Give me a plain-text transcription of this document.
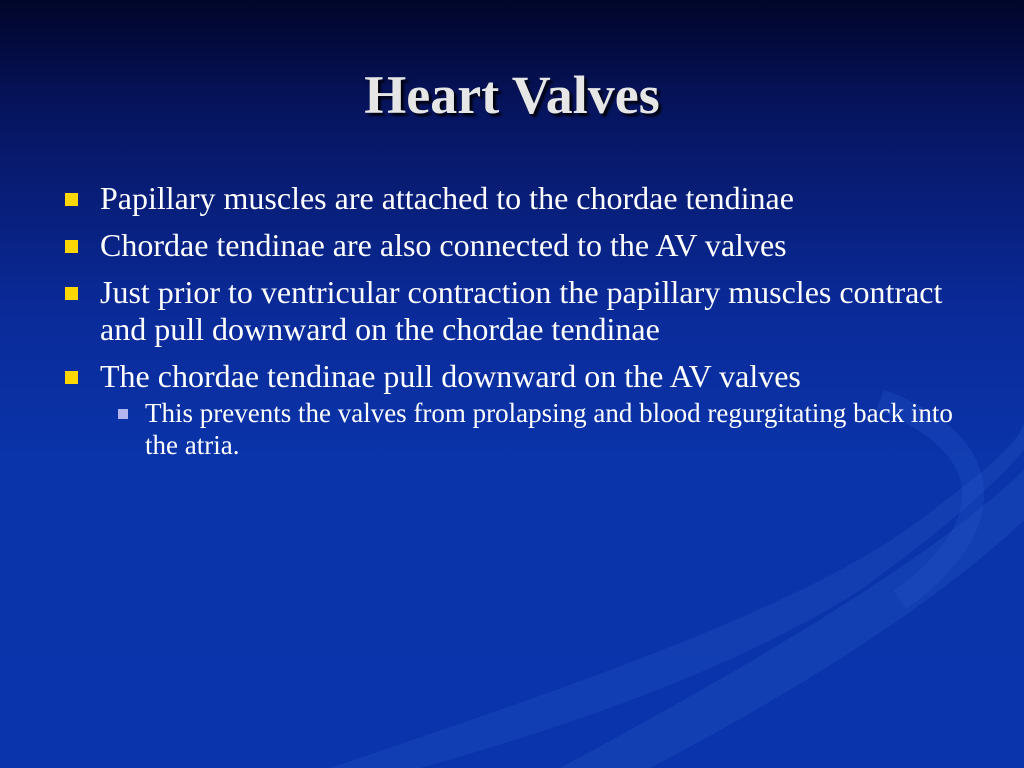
Heart Valves
Papillary muscles are attached to the chordae tendinae
Chordae tendinae are also connected to the AV valves
Just prior to ventricular contraction the papillary muscles contract and pull downward on the chordae tendinae
The chordae tendinae pull downward on the AV valves
This prevents the valves from prolapsing and blood regurgitating back into the atria.
